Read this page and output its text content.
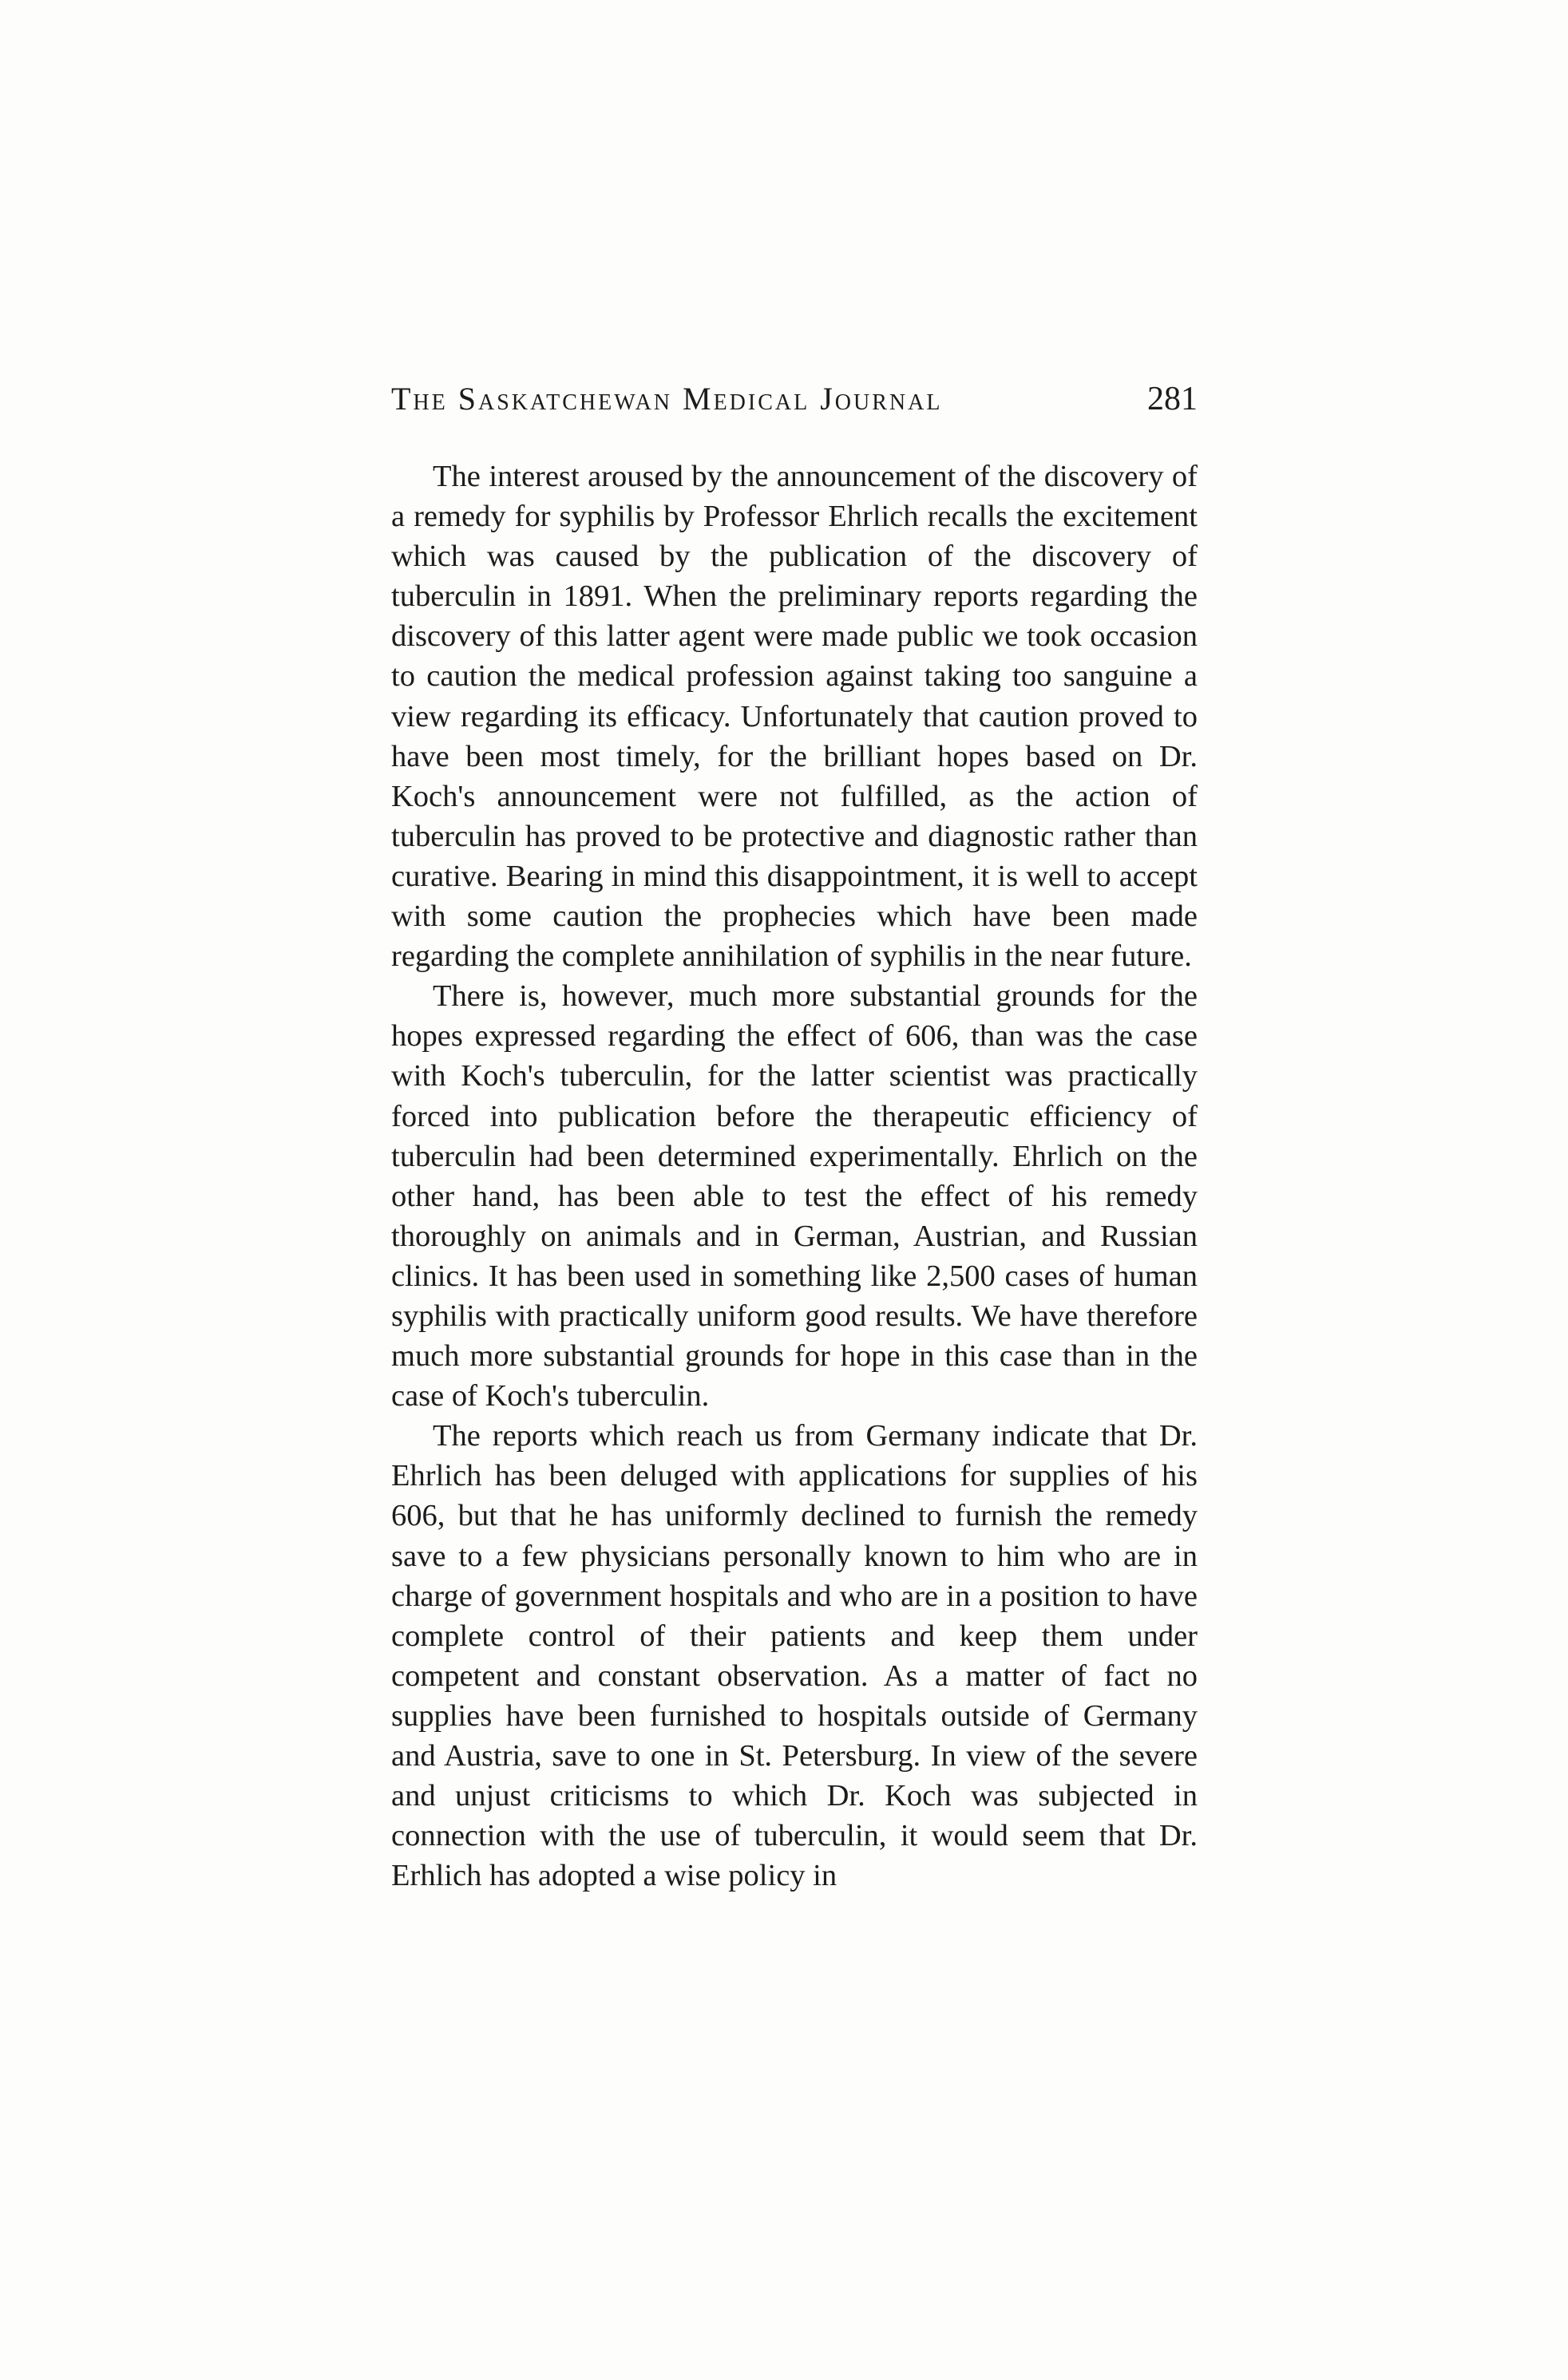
The Saskatchewan Medical Journal	281

The interest aroused by the announcement of the discovery of a remedy for syphilis by Professor Ehrlich recalls the excitement which was caused by the publication of the discovery of tuberculin in 1891. When the preliminary reports regarding the discovery of this latter agent were made public we took occasion to caution the medical profession against taking too sanguine a view regarding its efficacy. Unfortunately that caution proved to have been most timely, for the brilliant hopes based on Dr. Koch's announcement were not fulfilled, as the action of tuberculin has proved to be protective and diagnostic rather than curative. Bearing in mind this disappointment, it is well to accept with some caution the prophecies which have been made regarding the complete annihilation of syphilis in the near future.

There is, however, much more substantial grounds for the hopes expressed regarding the effect of 606, than was the case with Koch's tuberculin, for the latter scientist was practically forced into publication before the therapeutic efficiency of tuberculin had been determined experimentally. Ehrlich on the other hand, has been able to test the effect of his remedy thoroughly on animals and in German, Austrian, and Russian clinics. It has been used in something like 2,500 cases of human syphilis with practically uniform good results. We have therefore much more substantial grounds for hope in this case than in the case of Koch's tuberculin.

The reports which reach us from Germany indicate that Dr. Ehrlich has been deluged with applications for supplies of his 606, but that he has uniformly declined to furnish the remedy save to a few physicians personally known to him who are in charge of government hospitals and who are in a position to have complete control of their patients and keep them under competent and constant observation. As a matter of fact no supplies have been furnished to hospitals outside of Germany and Austria, save to one in St. Petersburg. In view of the severe and unjust criticisms to which Dr. Koch was subjected in connection with the use of tuberculin, it would seem that Dr. Erhlich has adopted a wise policy in
